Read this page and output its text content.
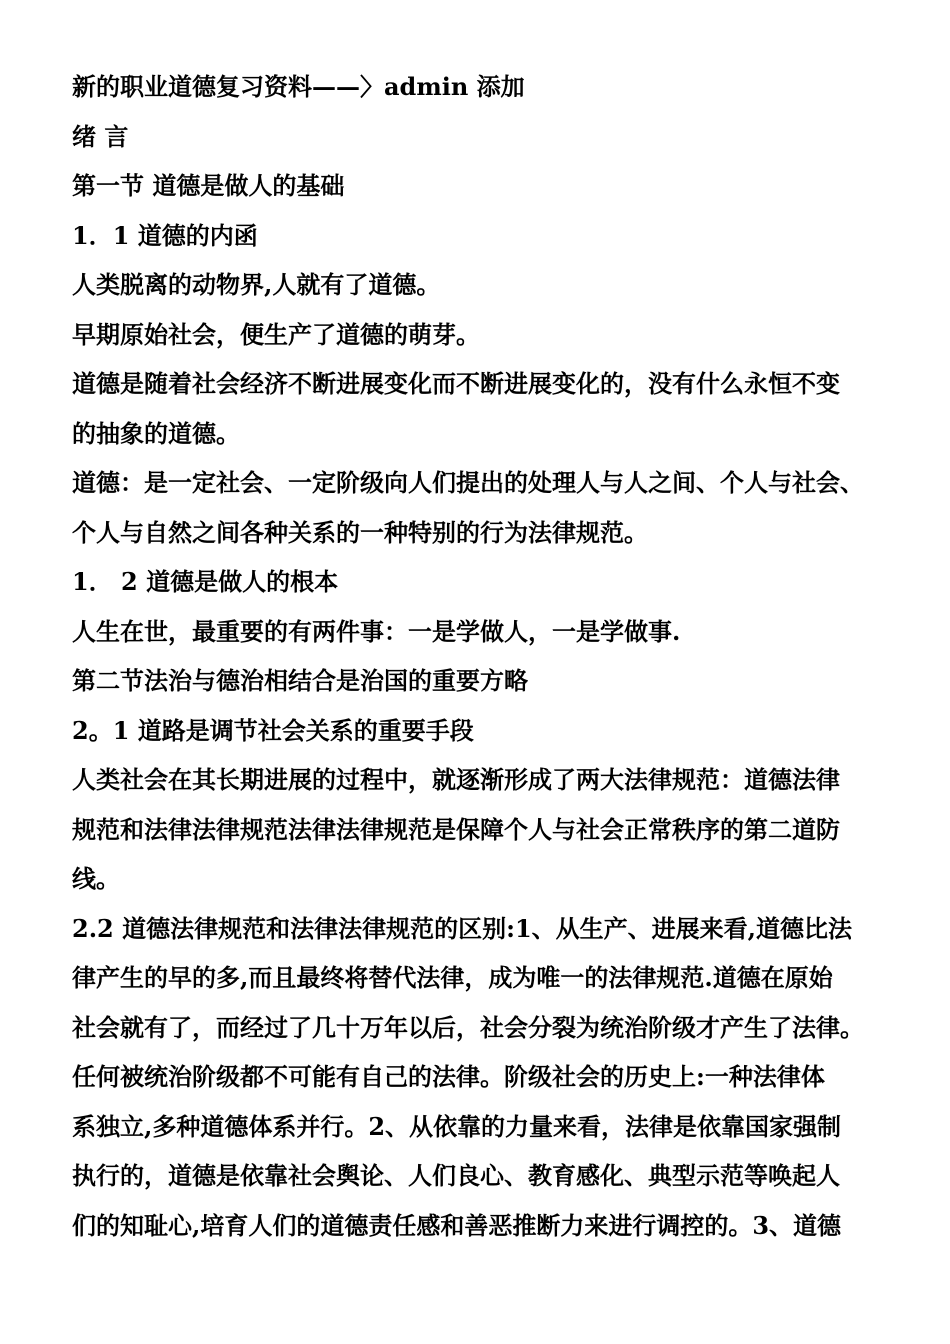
新的职业道德复习资料——〉admin 添加
绪 言
第一节 道德是做人的基础
1．1 道德的内函
人类脱离的动物界,人就有了道德。
早期原始社会，便生产了道德的萌芽。
道德是随着社会经济不断进展变化而不断进展变化的，没有什么永恒不变
的抽象的道德。
道德：是一定社会、一定阶级向人们提出的处理人与人之间、个人与社会、
个人与自然之间各种关系的一种特别的行为法律规范。
1． 2 道德是做人的根本
人生在世，最重要的有两件事：一是学做人，一是学做事.
第二节法治与德治相结合是治国的重要方略
2。1 道路是调节社会关系的重要手段
人类社会在其长期进展的过程中，就逐渐形成了两大法律规范：道德法律
规范和法律法律规范法律法律规范是保障个人与社会正常秩序的第二道防
线。
2.2 道德法律规范和法律法律规范的区别:1、从生产、进展来看,道德比法
律产生的早的多,而且最终将替代法律，成为唯一的法律规范.道德在原始
社会就有了，而经过了几十万年以后，社会分裂为统治阶级才产生了法律。
任何被统治阶级都不可能有自己的法律。阶级社会的历史上:一种法律体
系独立,多种道德体系并行。2、从依靠的力量来看，法律是依靠国家强制
执行的，道德是依靠社会舆论、人们良心、教育感化、典型示范等唤起人
们的知耻心,培育人们的道德责任感和善恶推断力来进行调控的。3、道德
